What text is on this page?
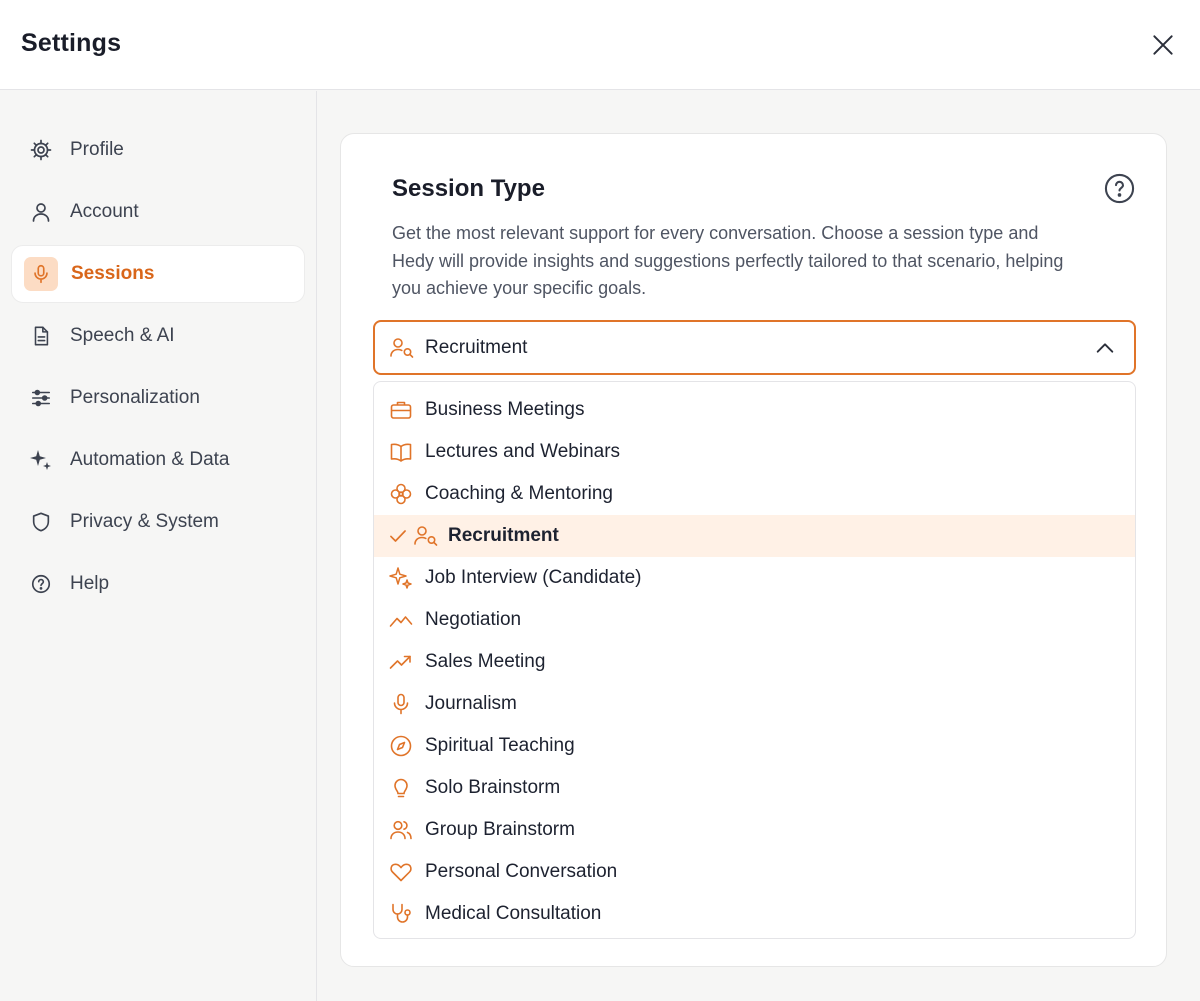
Settings
Profile
Account
Sessions
Speech & AI
Personalization
Automation & Data
Privacy & System
Help
Session Type
Get the most relevant support for every conversation. Choose a session type and Hedy will provide insights and suggestions perfectly tailored to that scenario, helping you achieve your specific goals.
Recruitment
Business Meetings
Lectures and Webinars
Coaching & Mentoring
Recruitment
Job Interview (Candidate)
Negotiation
Sales Meeting
Journalism
Spiritual Teaching
Solo Brainstorm
Group Brainstorm
Personal Conversation
Medical Consultation
